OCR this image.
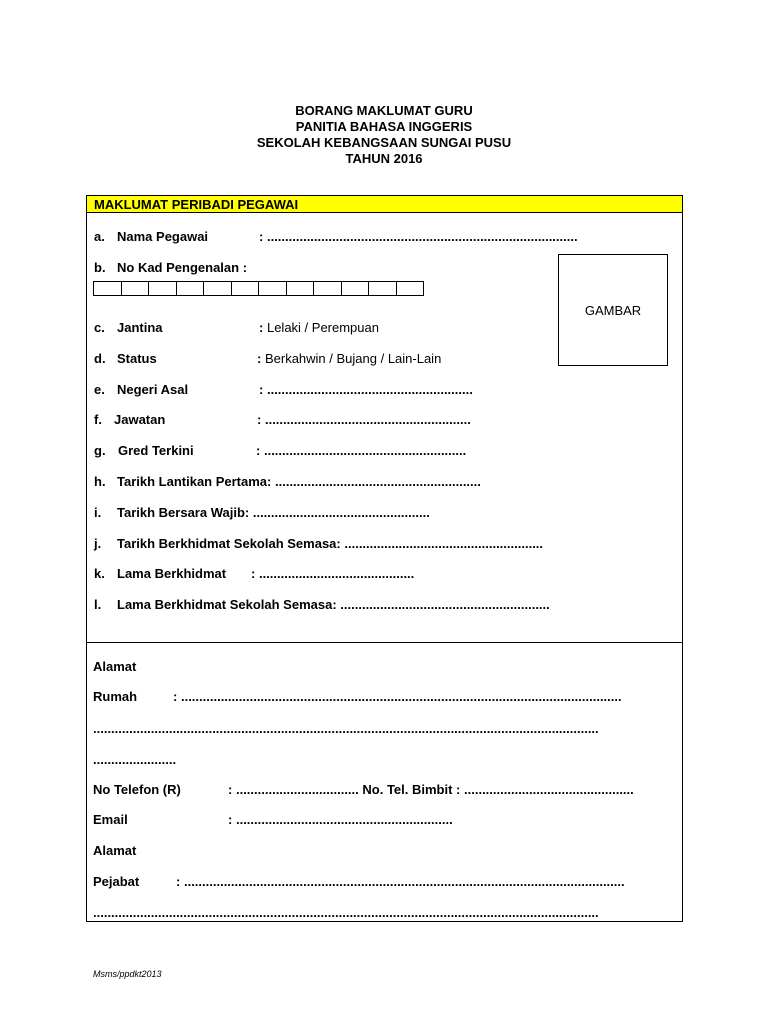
BORANG MAKLUMAT GURU
PANITIA BAHASA INGGERIS
SEKOLAH KEBANGSAAN SUNGAI PUSU
TAHUN 2016
MAKLUMAT PERIBADI PEGAWAI
a. Nama Pegawai	: ......................................................................................
b. No Kad Pengenalan :
GAMBAR
c. Jantina	: Lelaki / Perempuan
d. Status	: Berkahwin / Bujang / Lain-Lain
e. Negeri Asal	: .........................................................
f. Jawatan	: .........................................................
g. Gred Terkini	: ........................................................
h. Tarikh Lantikan Pertama: .........................................................
i. Tarikh Bersara Wajib: .................................................
j. Tarikh Berkhidmat Sekolah Semasa: .......................................................
k. Lama Berkhidmat : ...........................................
l. Lama Berkhidmat Sekolah Semasa: ..........................................................
Alamat
Rumah	: ..........................................................................................................................
............................................................................................................................................
.......................
No Telefon (R)	: .................................. No. Tel. Bimbit : ...............................................
Email	: ............................................................
Alamat
Pejabat	: ..........................................................................................................................
............................................................................................................................................
Msms/ppdkt2013
